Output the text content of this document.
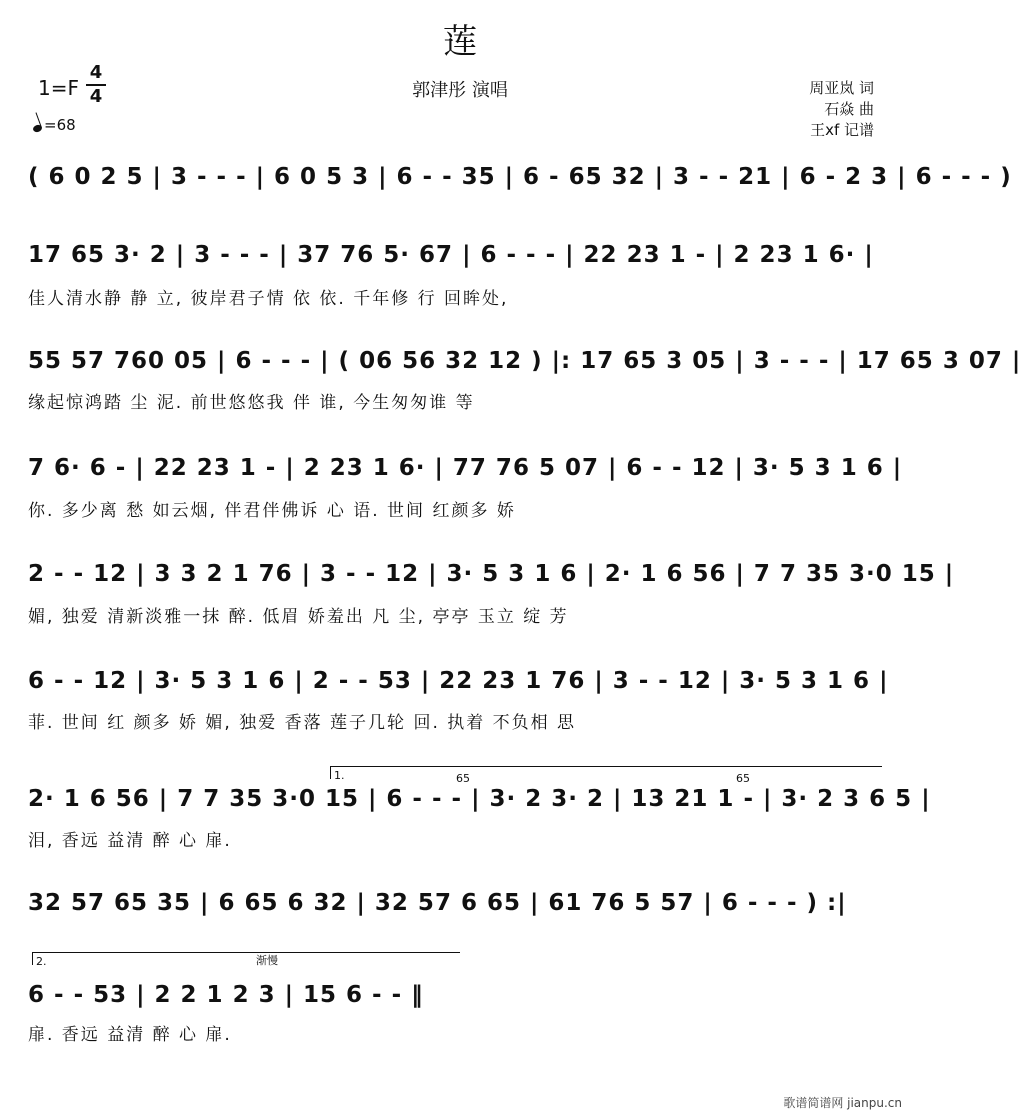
莲
1=F
4
4
=68
郭津彤 演唱	周亚岚 词
石焱 曲
王xf 记谱
( 6 0 2 5 | 3 - - - | 6 0 5 3 | 6 - - 35 | 6 - 65 32 | 3 - - 21 | 6 - 2 3 | 6 - - - )
17 65 3· 2 | 3 - - - | 37 76 5· 67 | 6 - - - | 22 23 1 - | 2 23 1 6· |
佳人清水静 静 立, 彼岸君子情 依 依. 千年修 行 回眸处,
55 57 760 05 | 6 - - - | ( 06 56 32 12 ) |: 17 65 3 05 | 3 - - - | 17 65 3 07 |
缘起惊鸿踏 尘 泥. 前世悠悠我 伴 谁, 今生匆匆谁 等
7 6· 6 - | 22 23 1 - | 2 23 1 6· | 77 76 5 07 | 6 - - 12 | 3· 5 3 1 6 |
你. 多少离 愁 如云烟, 伴君伴佛诉 心 语. 世间 红颜多 娇
2 - - 12 | 3 3 2 1 76 | 3 - - 12 | 3· 5 3 1 6 | 2· 1 6 56 | 7 7 35 3·0 15 |
媚, 独爱 清新淡雅一抹 醉. 低眉 娇羞出 凡 尘, 亭亭 玉立 绽 芳
6 - - 12 | 3· 5 3 1 6 | 2 - - 53 | 22 23 1 76 | 3 - - 12 | 3· 5 3 1 6 |
菲. 世间 红 颜多 娇 媚, 独爱 香落 莲子几轮 回. 执着 不负相 思
1.	65	65
2· 1 6 56 | 7 7 35 3·0 15 | 6 - - - | 3· 2 3· 2 | 13 21 1 - | 3· 2 3 6 5 |
泪, 香远 益清 醉 心 扉.
32 57 65 35 | 6 65 6 32 | 32 57 6 65 | 61 76 5 57 | 6 - - - ) :|
2.	渐慢
6 - - 53 | 2 2 1 2 3 | 15 6 - - ‖
扉. 香远 益清 醉 心 扉.
歌谱简谱网 jianpu.cn
